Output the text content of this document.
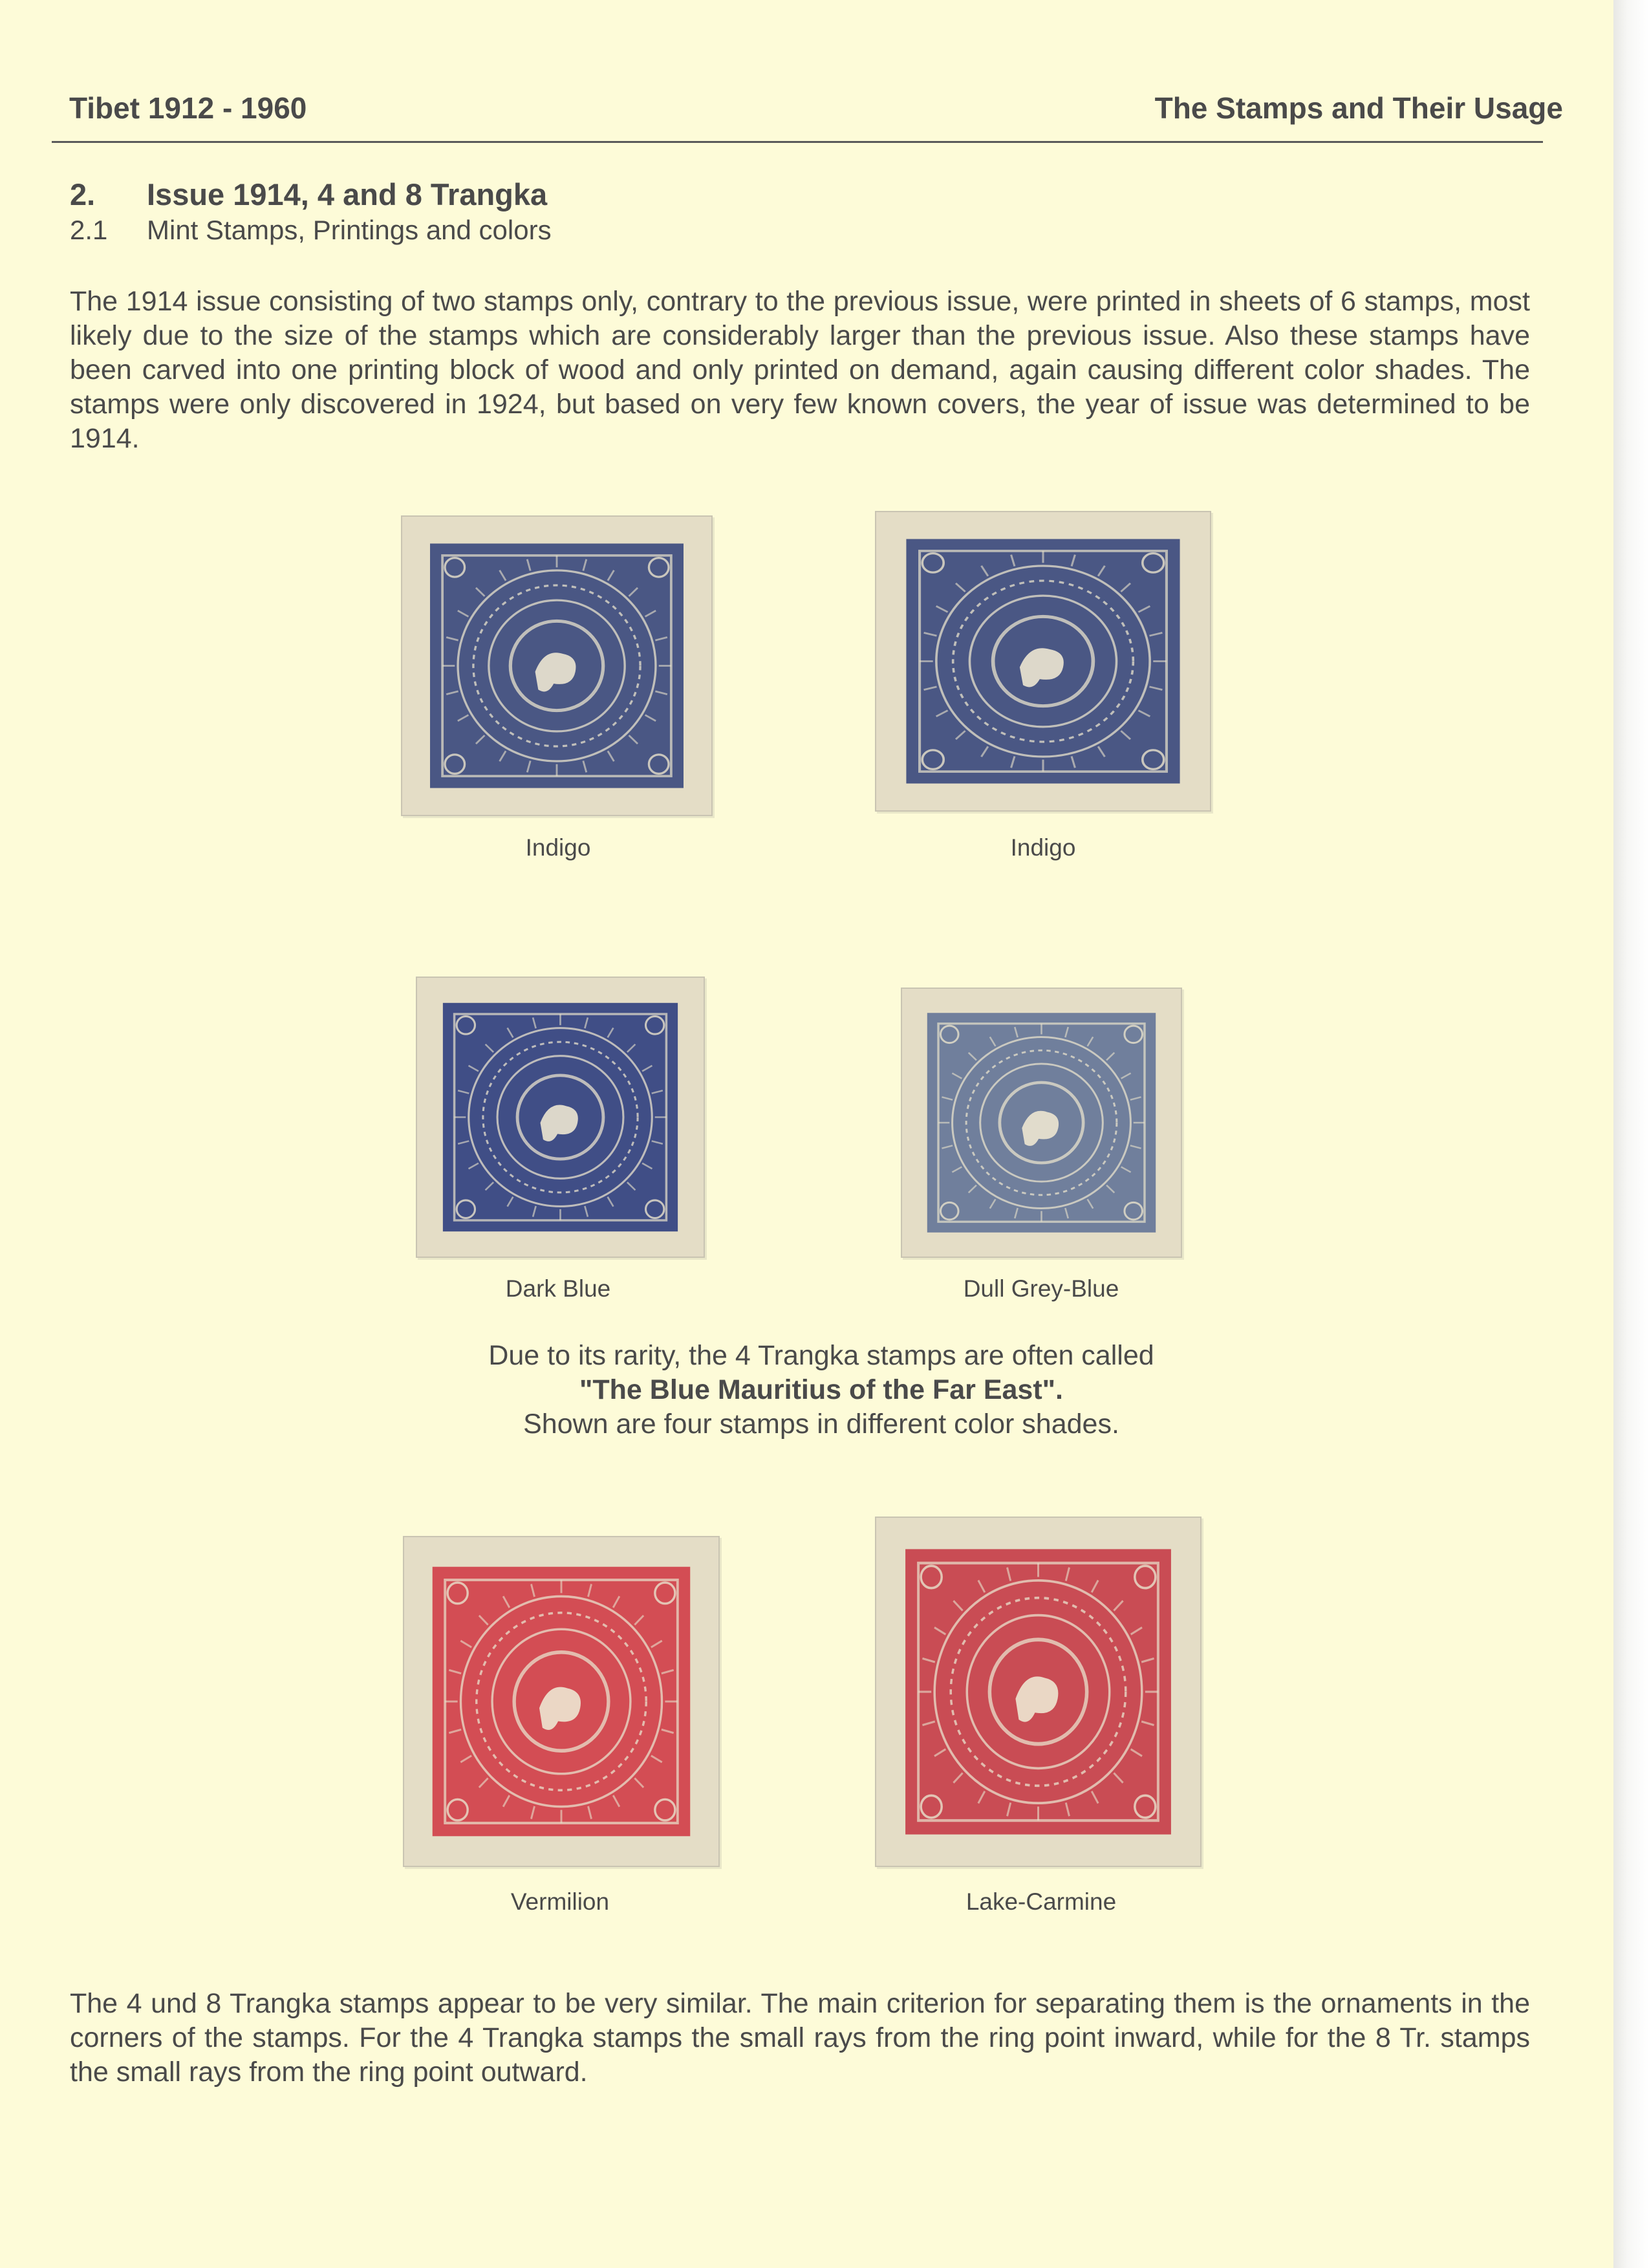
Tibet 1912 - 1960	The Stamps and Their Usage
2. Issue 1914, 4 and 8 Trangka
2.1 Mint Stamps, Printings and colors
The 1914 issue consisting of two stamps only, contrary to the previous issue, were printed in sheets of 6 stamps, most likely due to the size of the stamps which are considerably larger than the previous issue. Also these stamps have been carved into one printing block of wood and only printed on demand, again causing different color shades. The stamps were only discovered in 1924, but based on very few known covers, the year of issue was determined to be 1914.
Indigo	Indigo
Dark Blue	Dull Grey-Blue
Due to its rarity, the 4 Trangka stamps are often called
"The Blue Mauritius of the Far East".
Shown are four stamps in different color shades.
Vermilion	Lake-Carmine
The 4 und 8 Trangka stamps appear to be very similar. The main criterion for separating them is the ornaments in the corners of the stamps. For the 4 Trangka stamps the small rays from the ring point inward, while for the 8 Tr. stamps the small rays from the ring point outward.
